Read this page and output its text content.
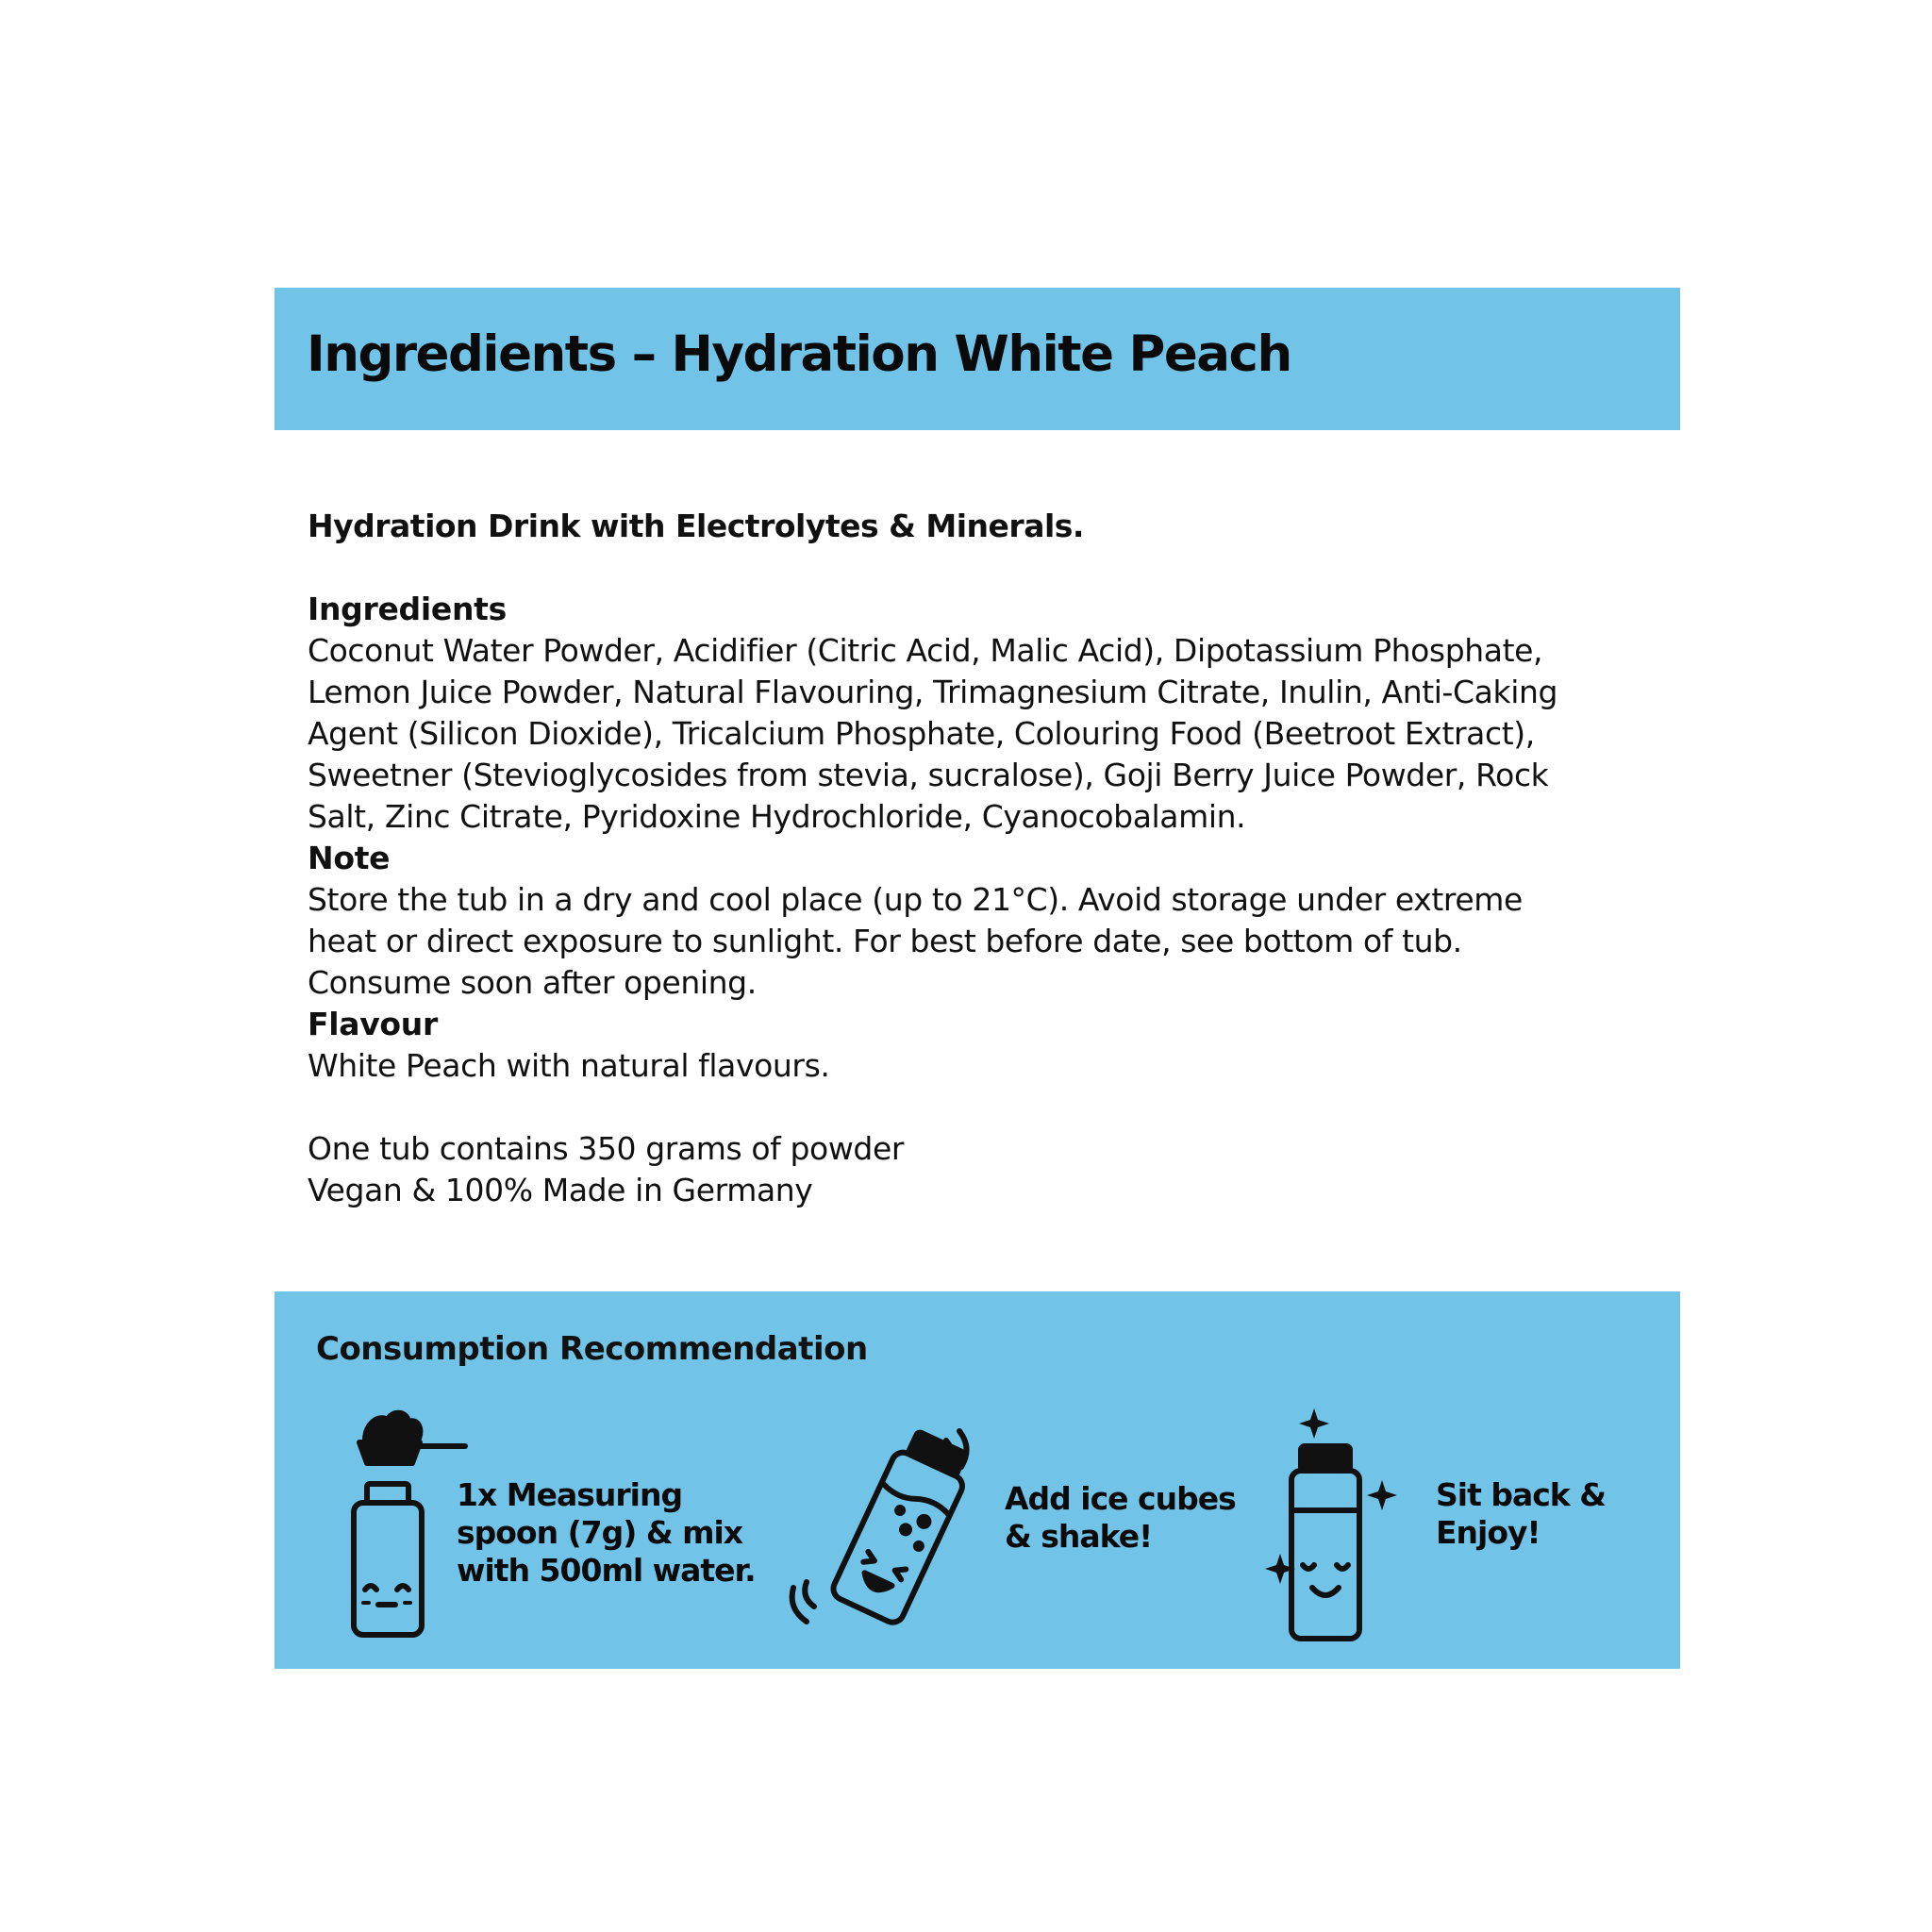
Ingredients – Hydration White Peach

Hydration Drink with Electrolytes & Minerals.

Ingredients

Coconut Water Powder, Acidifier (Citric Acid, Malic Acid), Dipotassium Phosphate,

Lemon Juice Powder, Natural Flavouring, Trimagnesium Citrate, Inulin, Anti-Caking

Agent (Silicon Dioxide), Tricalcium Phosphate, Colouring Food (Beetroot Extract),

Sweetner (Stevioglycosides from stevia, sucralose), Goji Berry Juice Powder, Rock

Salt, Zinc Citrate, Pyridoxine Hydrochloride, Cyanocobalamin.

Note

Store the tub in a dry and cool place (up to 21°C). Avoid storage under extreme

heat or direct exposure to sunlight. For best before date, see bottom of tub.

Consume soon after opening.

Flavour

White Peach with natural flavours.

One tub contains 350 grams of powder

Vegan & 100% Made in Germany

Consumption Recommendation

1x Measuring
spoon (7g) & mix
with 500ml water.

Add ice cubes
& shake!

Sit back &
Enjoy!
